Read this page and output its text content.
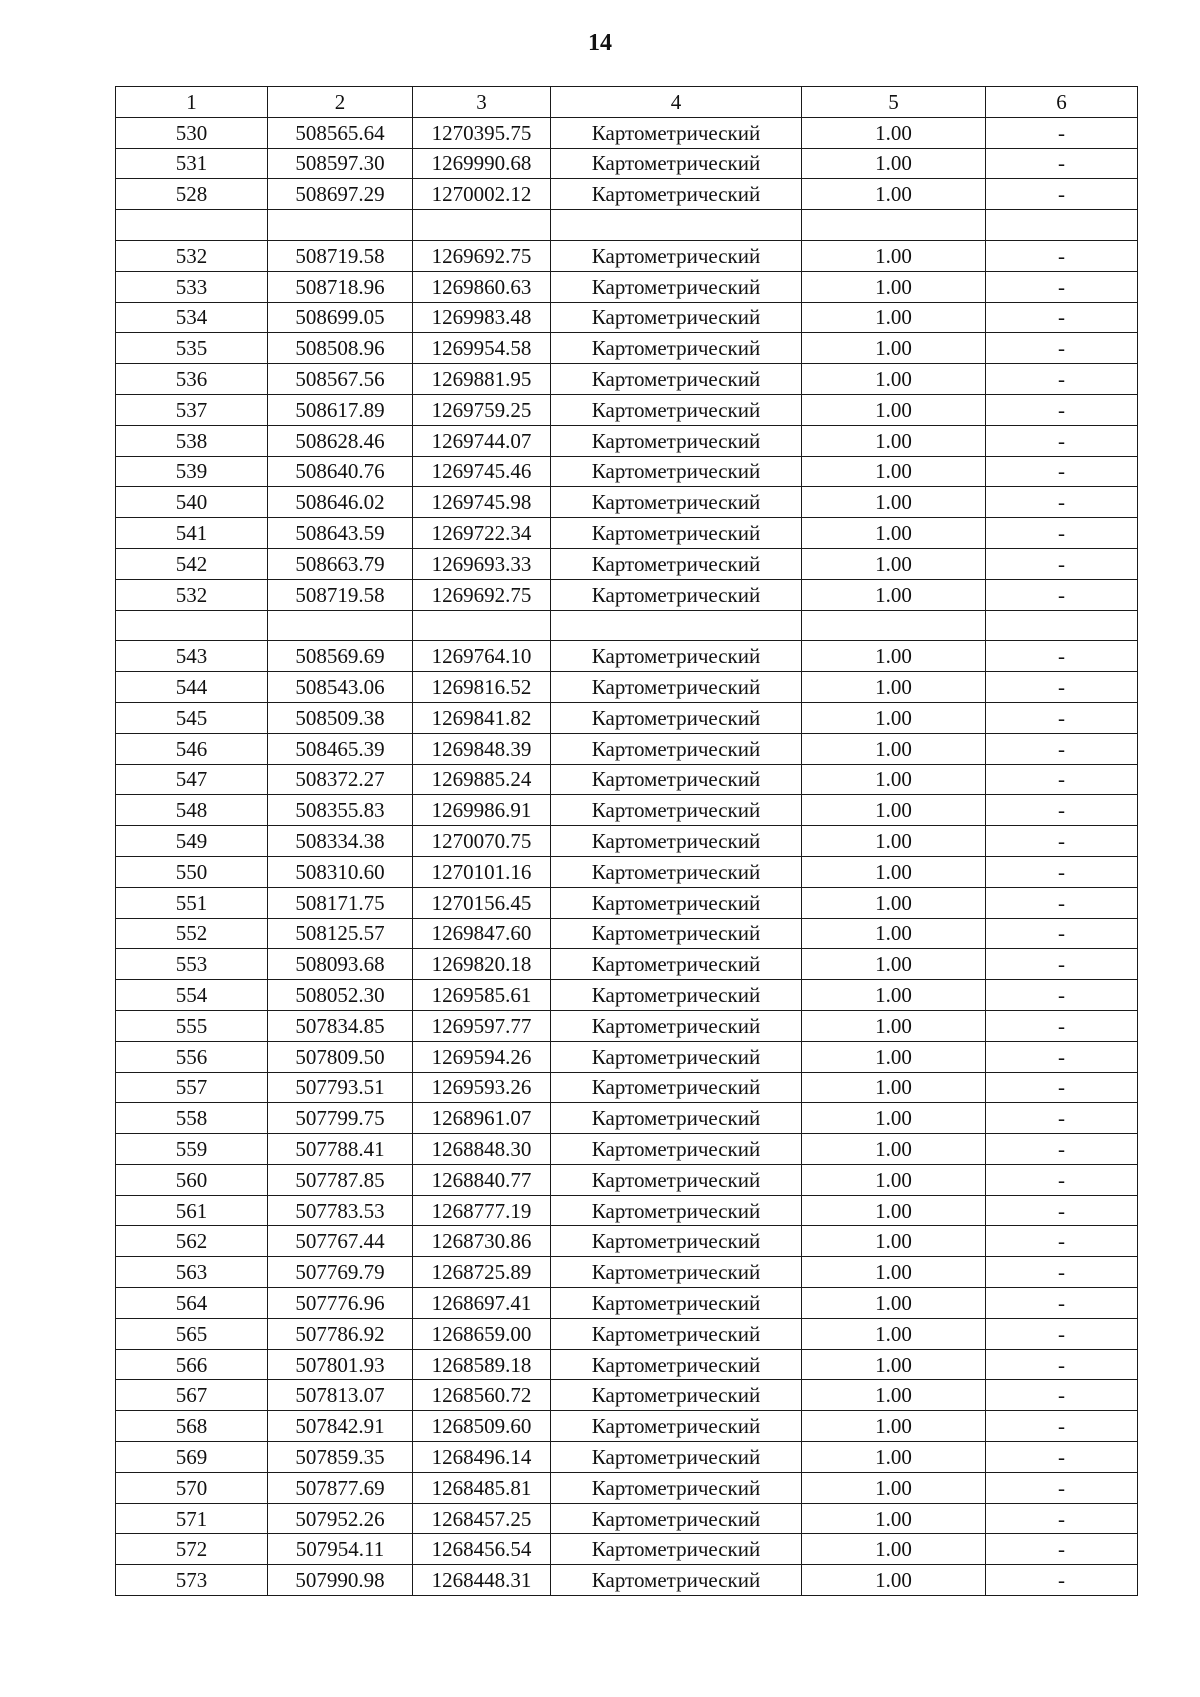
14
1	2	3	4	5	6
530	508565.64	1270395.75	Картометрический	1.00	-
531	508597.30	1269990.68	Картометрический	1.00	-
528	508697.29	1270002.12	Картометрический	1.00	-

532	508719.58	1269692.75	Картометрический	1.00	-
533	508718.96	1269860.63	Картометрический	1.00	-
534	508699.05	1269983.48	Картометрический	1.00	-
535	508508.96	1269954.58	Картометрический	1.00	-
536	508567.56	1269881.95	Картометрический	1.00	-
537	508617.89	1269759.25	Картометрический	1.00	-
538	508628.46	1269744.07	Картометрический	1.00	-
539	508640.76	1269745.46	Картометрический	1.00	-
540	508646.02	1269745.98	Картометрический	1.00	-
541	508643.59	1269722.34	Картометрический	1.00	-
542	508663.79	1269693.33	Картометрический	1.00	-
532	508719.58	1269692.75	Картометрический	1.00	-

543	508569.69	1269764.10	Картометрический	1.00	-
544	508543.06	1269816.52	Картометрический	1.00	-
545	508509.38	1269841.82	Картометрический	1.00	-
546	508465.39	1269848.39	Картометрический	1.00	-
547	508372.27	1269885.24	Картометрический	1.00	-
548	508355.83	1269986.91	Картометрический	1.00	-
549	508334.38	1270070.75	Картометрический	1.00	-
550	508310.60	1270101.16	Картометрический	1.00	-
551	508171.75	1270156.45	Картометрический	1.00	-
552	508125.57	1269847.60	Картометрический	1.00	-
553	508093.68	1269820.18	Картометрический	1.00	-
554	508052.30	1269585.61	Картометрический	1.00	-
555	507834.85	1269597.77	Картометрический	1.00	-
556	507809.50	1269594.26	Картометрический	1.00	-
557	507793.51	1269593.26	Картометрический	1.00	-
558	507799.75	1268961.07	Картометрический	1.00	-
559	507788.41	1268848.30	Картометрический	1.00	-
560	507787.85	1268840.77	Картометрический	1.00	-
561	507783.53	1268777.19	Картометрический	1.00	-
562	507767.44	1268730.86	Картометрический	1.00	-
563	507769.79	1268725.89	Картометрический	1.00	-
564	507776.96	1268697.41	Картометрический	1.00	-
565	507786.92	1268659.00	Картометрический	1.00	-
566	507801.93	1268589.18	Картометрический	1.00	-
567	507813.07	1268560.72	Картометрический	1.00	-
568	507842.91	1268509.60	Картометрический	1.00	-
569	507859.35	1268496.14	Картометрический	1.00	-
570	507877.69	1268485.81	Картометрический	1.00	-
571	507952.26	1268457.25	Картометрический	1.00	-
572	507954.11	1268456.54	Картометрический	1.00	-
573	507990.98	1268448.31	Картометрический	1.00	-
